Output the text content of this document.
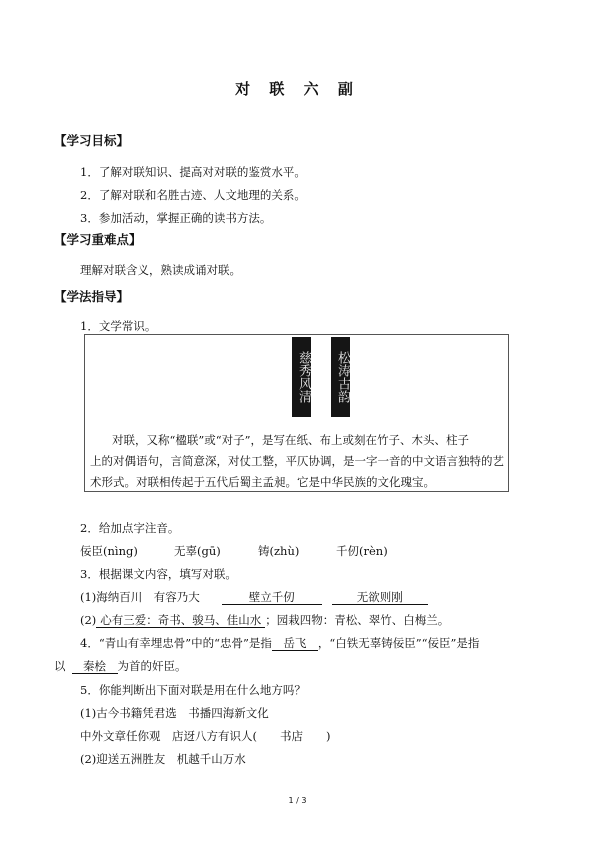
对 联 六 副
【学习目标】
1．了解对联知识、提高对对联的鉴赏水平。
2．了解对联和名胜古迹、人文地理的关系。
3．参加活动，掌握正确的读书方法。
【学习重难点】
理解对联含义，熟读成诵对联。
【学法指导】
1．文学常识。
松涛古韵
慈秀风清
对联，又称“楹联”或“对子”，是写在纸、布上或刻在竹子、木头、柱子
上的对偶语句，言简意深，对仗工整，平仄协调，是一字一音的中文语言独特的艺
术形式。对联相传起于五代后蜀主孟昶。它是中华民族的文化瑰宝。
2．给加点字注音。
佞臣(nìng)	无辜(gū)	铸(zhù)	千仞(rèn)
3．根据课文内容，填写对联。
(1)海纳百川　有容乃大	壁立千仞	无欲则刚
(2) 心有三爱：奇书、骏马、佳山水 ；园栽四物：青松、翠竹、白梅兰。
4．“青山有幸埋忠骨”中的“忠骨”是指 岳飞 ，“白铁无辜铸佞臣”“佞臣”是指
以 秦桧 为首的奸臣。
5．你能判断出下面对联是用在什么地方吗？
(1)古今书籍凭君选　书播四海新文化
中外文章任你观　店迓八方有识人(　　书店　　)
(2)迎送五洲胜友　机越千山万水
1 / 3
